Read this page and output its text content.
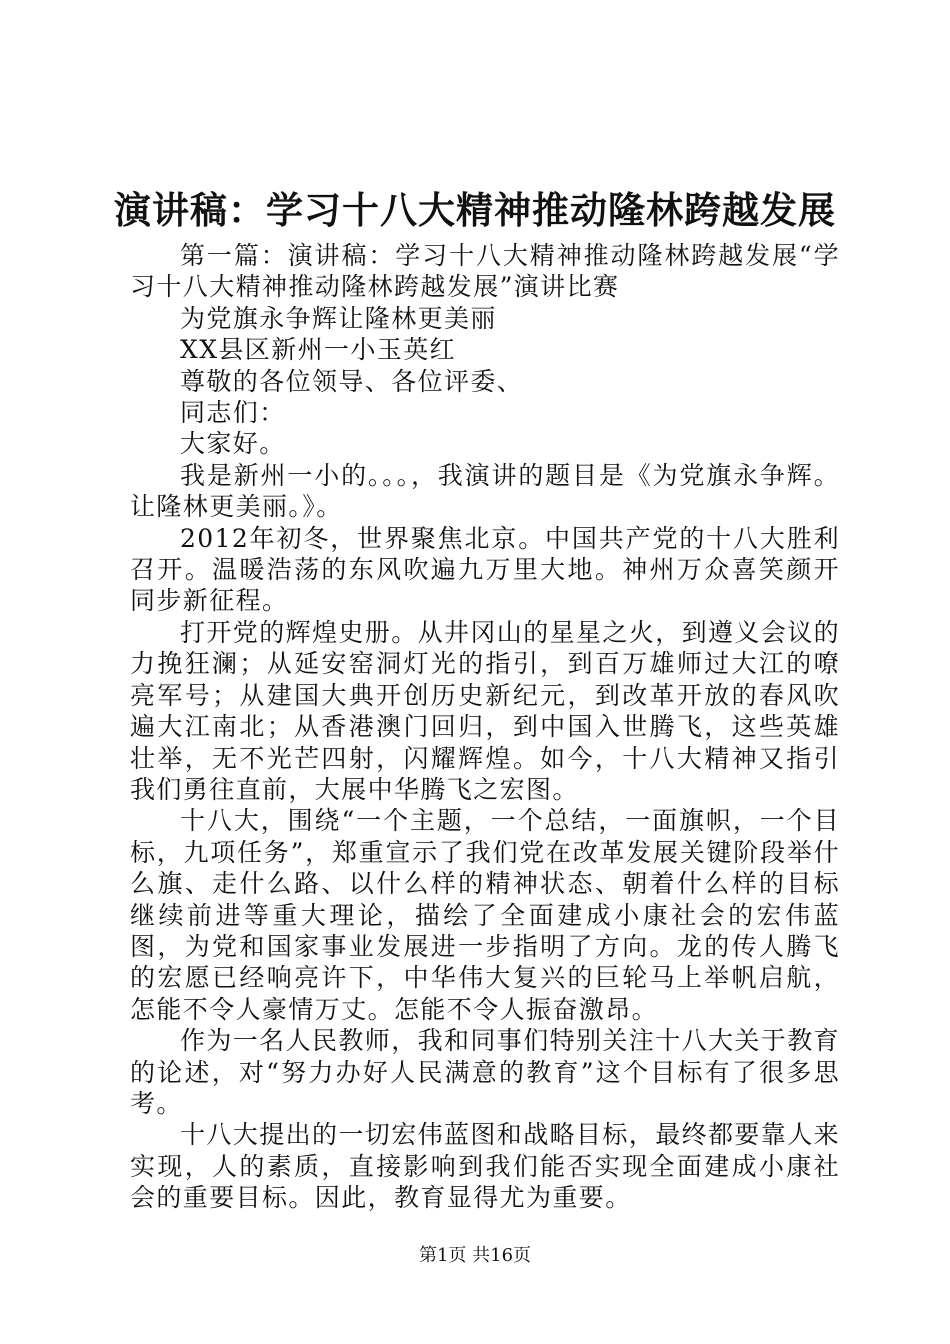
演讲稿：学习十八大精神推动隆林跨越发展

第一篇：演讲稿：学习十八大精神推动隆林跨越发展“学习十八大精神推动隆林跨越发展”演讲比赛

为党旗永争辉让隆林更美丽

XX县区新州一小玉英红

尊敬的各位领导、各位评委、

同志们：

大家好。

我是新州一小的。。。，我演讲的题目是《为党旗永争辉。让隆林更美丽。》。

2012年初冬，世界聚焦北京。中国共产党的十八大胜利召开。温暖浩荡的东风吹遍九万里大地。神州万众喜笑颜开同步新征程。

打开党的辉煌史册。从井冈山的星星之火，到遵义会议的力挽狂澜；从延安窑洞灯光的指引，到百万雄师过大江的嘹亮军号；从建国大典开创历史新纪元，到改革开放的春风吹遍大江南北；从香港澳门回归，到中国入世腾飞，这些英雄壮举，无不光芒四射，闪耀辉煌。如今，十八大精神又指引我们勇往直前，大展中华腾飞之宏图。

十八大，围绕“一个主题，一个总结，一面旗帜，一个目标，九项任务”，郑重宣示了我们党在改革发展关键阶段举什么旗、走什么路、以什么样的精神状态、朝着什么样的目标继续前进等重大理论，描绘了全面建成小康社会的宏伟蓝图，为党和国家事业发展进一步指明了方向。龙的传人腾飞的宏愿已经响亮许下，中华伟大复兴的巨轮马上举帆启航，怎能不令人豪情万丈。怎能不令人振奋激昂。

作为一名人民教师，我和同事们特别关注十八大关于教育的论述，对“努力办好人民满意的教育”这个目标有了很多思考。

十八大提出的一切宏伟蓝图和战略目标，最终都要靠人来实现，人的素质，直接影响到我们能否实现全面建成小康社会的重要目标。因此，教育显得尤为重要。

第1页 共16页
